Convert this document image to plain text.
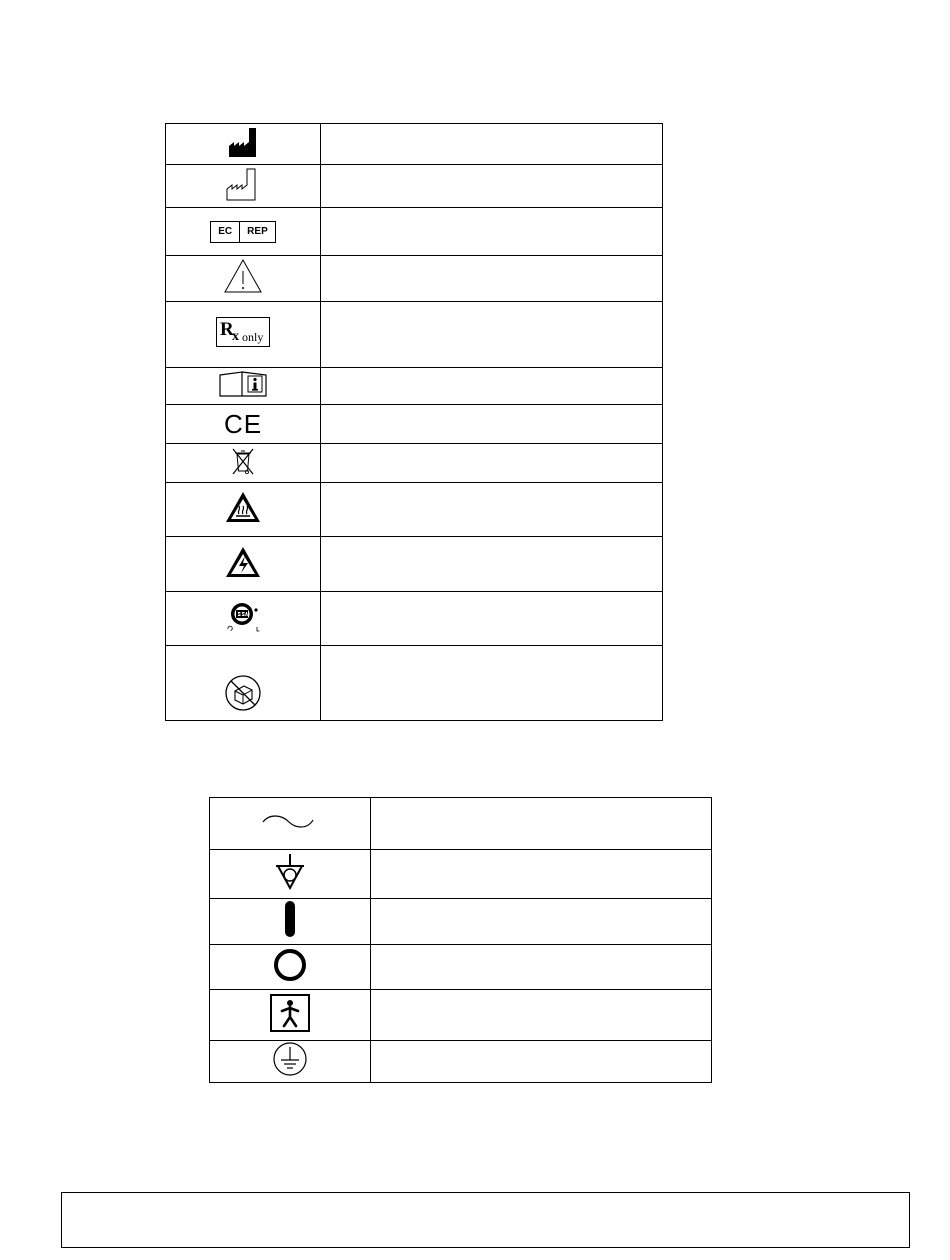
EC REP	

R
x only	

CE	
